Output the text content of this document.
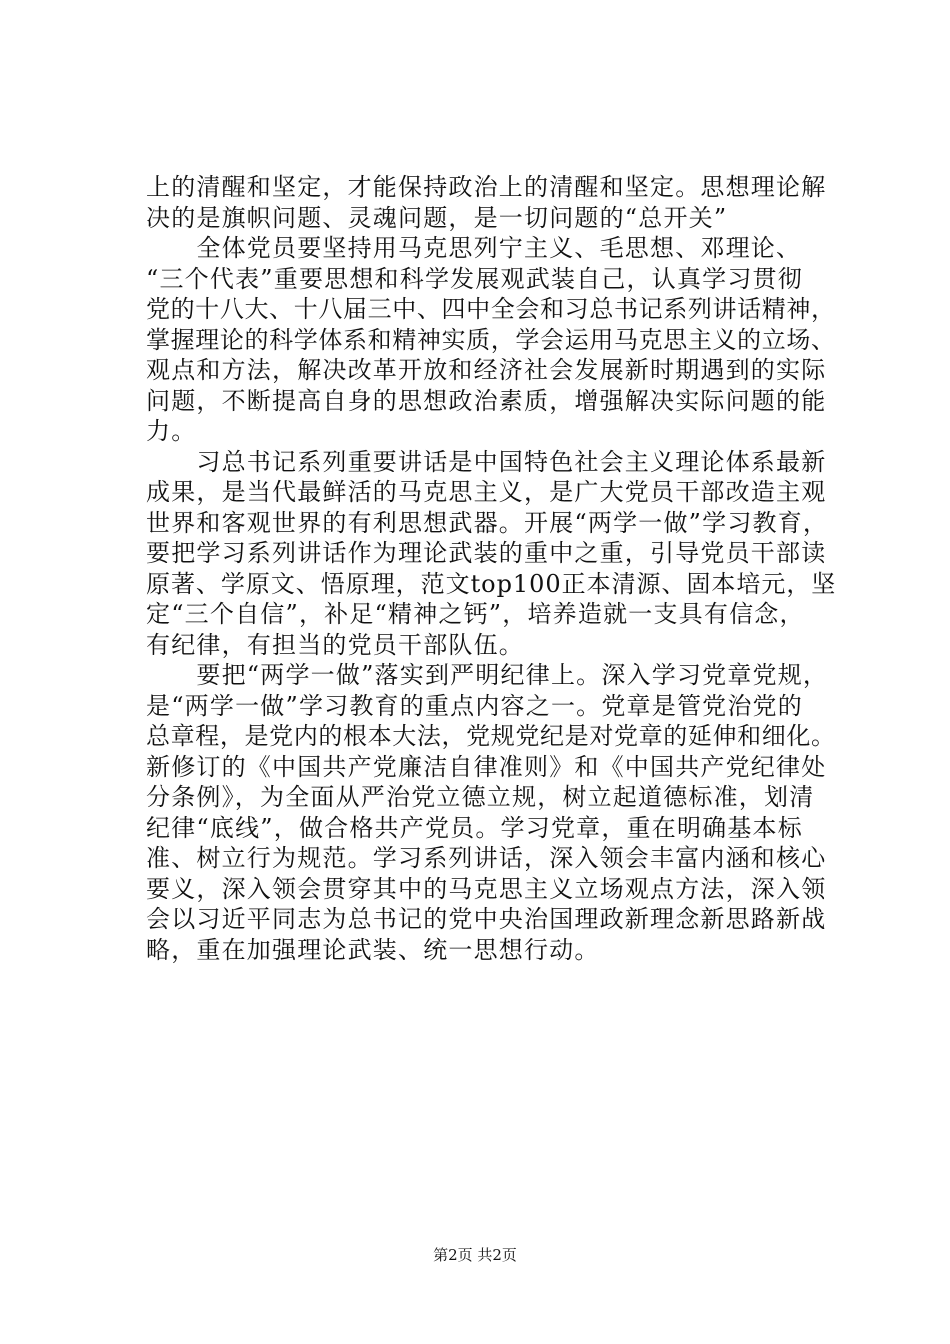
上的清醒和坚定，才能保持政治上的清醒和坚定。思想理论解
决的是旗帜问题、灵魂问题，是一切问题的“总开关”
　　全体党员要坚持用马克思列宁主义、毛思想、邓理论、
“三个代表”重要思想和科学发展观武装自己，认真学习贯彻
党的十八大、十八届三中、四中全会和习总书记系列讲话精神，
掌握理论的科学体系和精神实质，学会运用马克思主义的立场、
观点和方法，解决改革开放和经济社会发展新时期遇到的实际
问题，不断提高自身的思想政治素质，增强解决实际问题的能
力。
　　习总书记系列重要讲话是中国特色社会主义理论体系最新
成果，是当代最鲜活的马克思主义，是广大党员干部改造主观
世界和客观世界的有利思想武器。开展“两学一做”学习教育，
要把学习系列讲话作为理论武装的重中之重，引导党员干部读
原著、学原文、悟原理，范文top100正本清源、固本培元，坚
定“三个自信”，补足“精神之钙”，培养造就一支具有信念，
有纪律，有担当的党员干部队伍。
　　要把“两学一做”落实到严明纪律上。深入学习党章党规，
是“两学一做”学习教育的重点内容之一。党章是管党治党的
总章程，是党内的根本大法，党规党纪是对党章的延伸和细化。
新修订的《中国共产党廉洁自律准则》和《中国共产党纪律处
分条例》，为全面从严治党立德立规，树立起道德标准，划清
纪律“底线”，做合格共产党员。学习党章，重在明确基本标
准、树立行为规范。学习系列讲话，深入领会丰富内涵和核心
要义，深入领会贯穿其中的马克思主义立场观点方法，深入领
会以习近平同志为总书记的党中央治国理政新理念新思路新战
略，重在加强理论武装、统一思想行动。
第2页 共2页
